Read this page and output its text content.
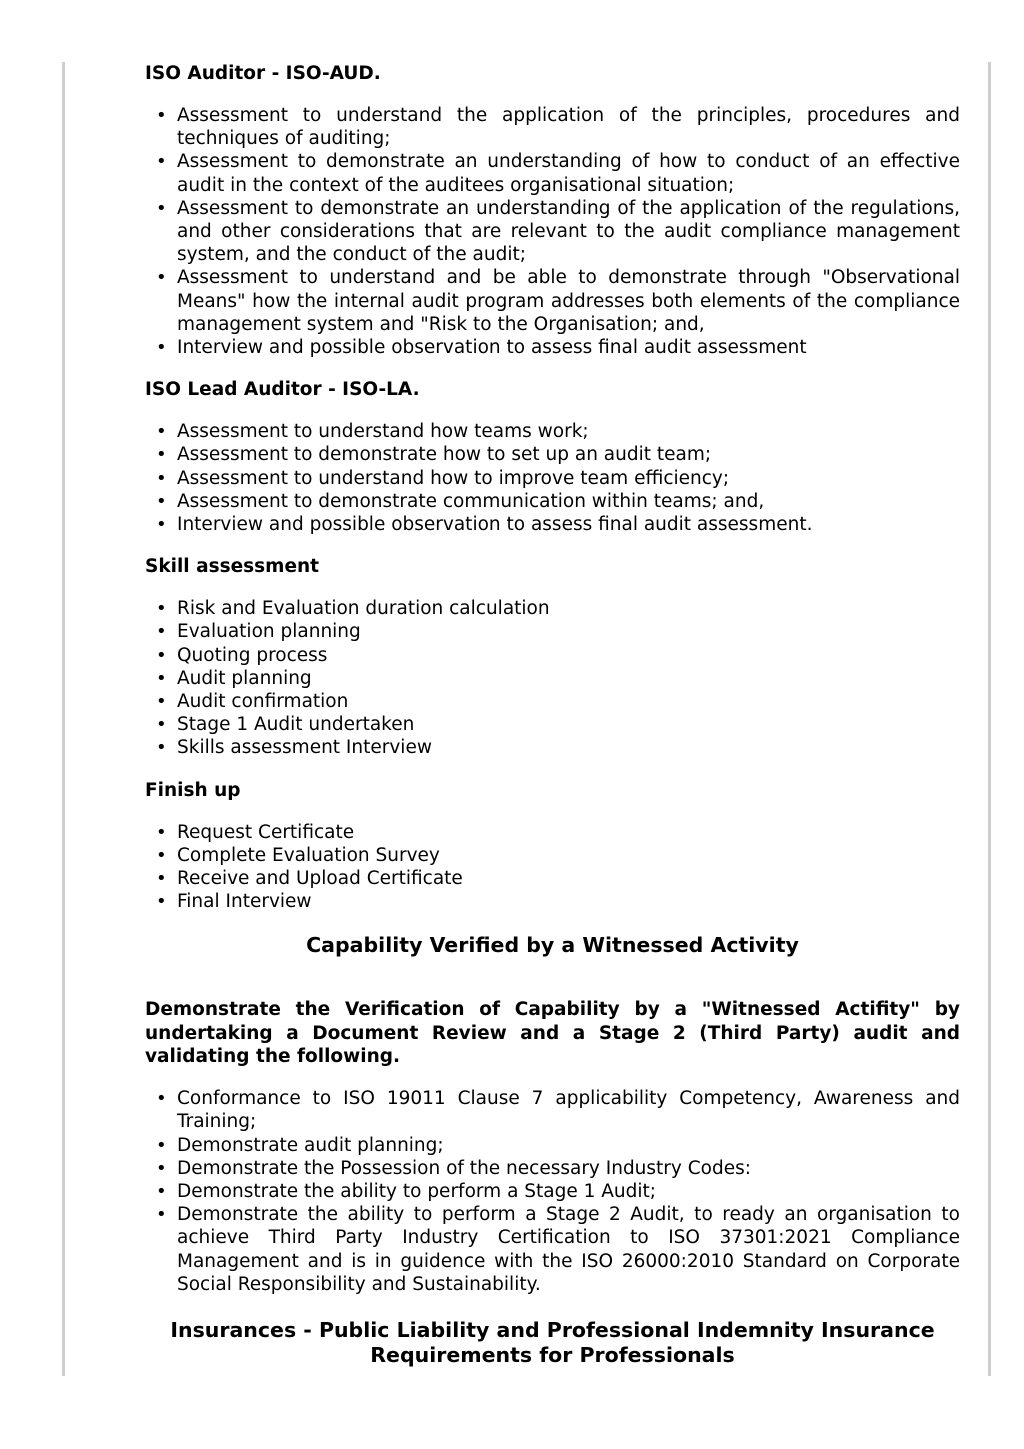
ISO Auditor - ISO-AUD.
• Assessment to understand the application of the principles, procedures and techniques of auditing;
• Assessment to demonstrate an understanding of how to conduct of an effective audit in the context of the auditees organisational situation;
• Assessment to demonstrate an understanding of the application of the regulations, and other considerations that are relevant to the audit compliance management system, and the conduct of the audit;
• Assessment to understand and be able to demonstrate through "Observational Means" how the internal audit program addresses both elements of the compliance management system and "Risk to the Organisation; and,
• Interview and possible observation to assess final audit assessment
ISO Lead Auditor - ISO-LA.
• Assessment to understand how teams work;
• Assessment to demonstrate how to set up an audit team;
• Assessment to understand how to improve team efficiency;
• Assessment to demonstrate communication within teams; and,
• Interview and possible observation to assess final audit assessment.
Skill assessment
• Risk and Evaluation duration calculation
• Evaluation planning
• Quoting process
• Audit planning
• Audit confirmation
• Stage 1 Audit undertaken
• Skills assessment Interview
Finish up
• Request Certificate
• Complete Evaluation Survey
• Receive and Upload Certificate
• Final Interview

Capability Verified by a Witnessed Activity

Demonstrate the Verification of Capability by a "Witnessed Actifity" by undertaking a Document Review and a Stage 2 (Third Party) audit and validating the following.

• Conformance to ISO 19011 Clause 7 applicability Competency, Awareness and Training;
• Demonstrate audit planning;
• Demonstrate the Possession of the necessary Industry Codes:
• Demonstrate the ability to perform a Stage 1 Audit;
• Demonstrate the ability to perform a Stage 2 Audit, to ready an organisation to achieve Third Party Industry Certification to ISO 37301:2021 Compliance Management and is in guidence with the ISO 26000:2010 Standard on Corporate Social Responsibility and Sustainability.

Insurances - Public Liability and Professional Indemnity Insurance Requirements for Professionals
